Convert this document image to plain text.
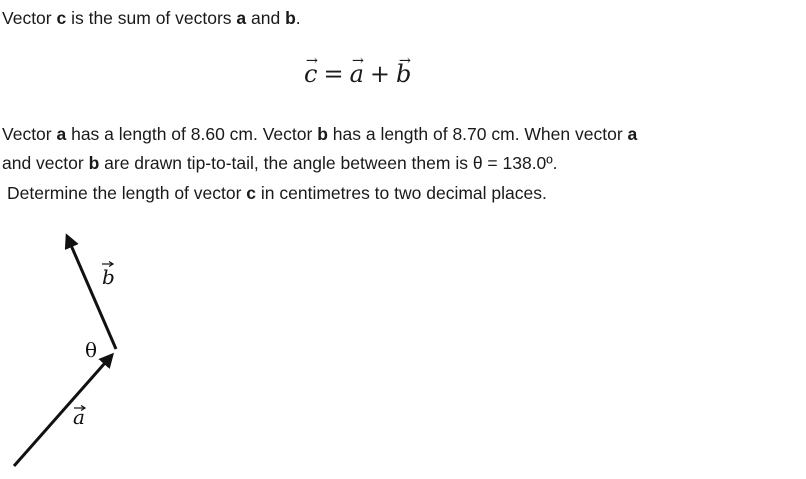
Vector c is the sum of vectors a and b.
→ c = → a + → b
Vector a has a length of 8.60 cm. Vector b has a length of 8.70 cm. When vector a
and vector b are drawn tip-to-tail, the angle between them is θ = 138.0º.
Determine the length of vector c in centimetres to two decimal places.
b
θ
a
